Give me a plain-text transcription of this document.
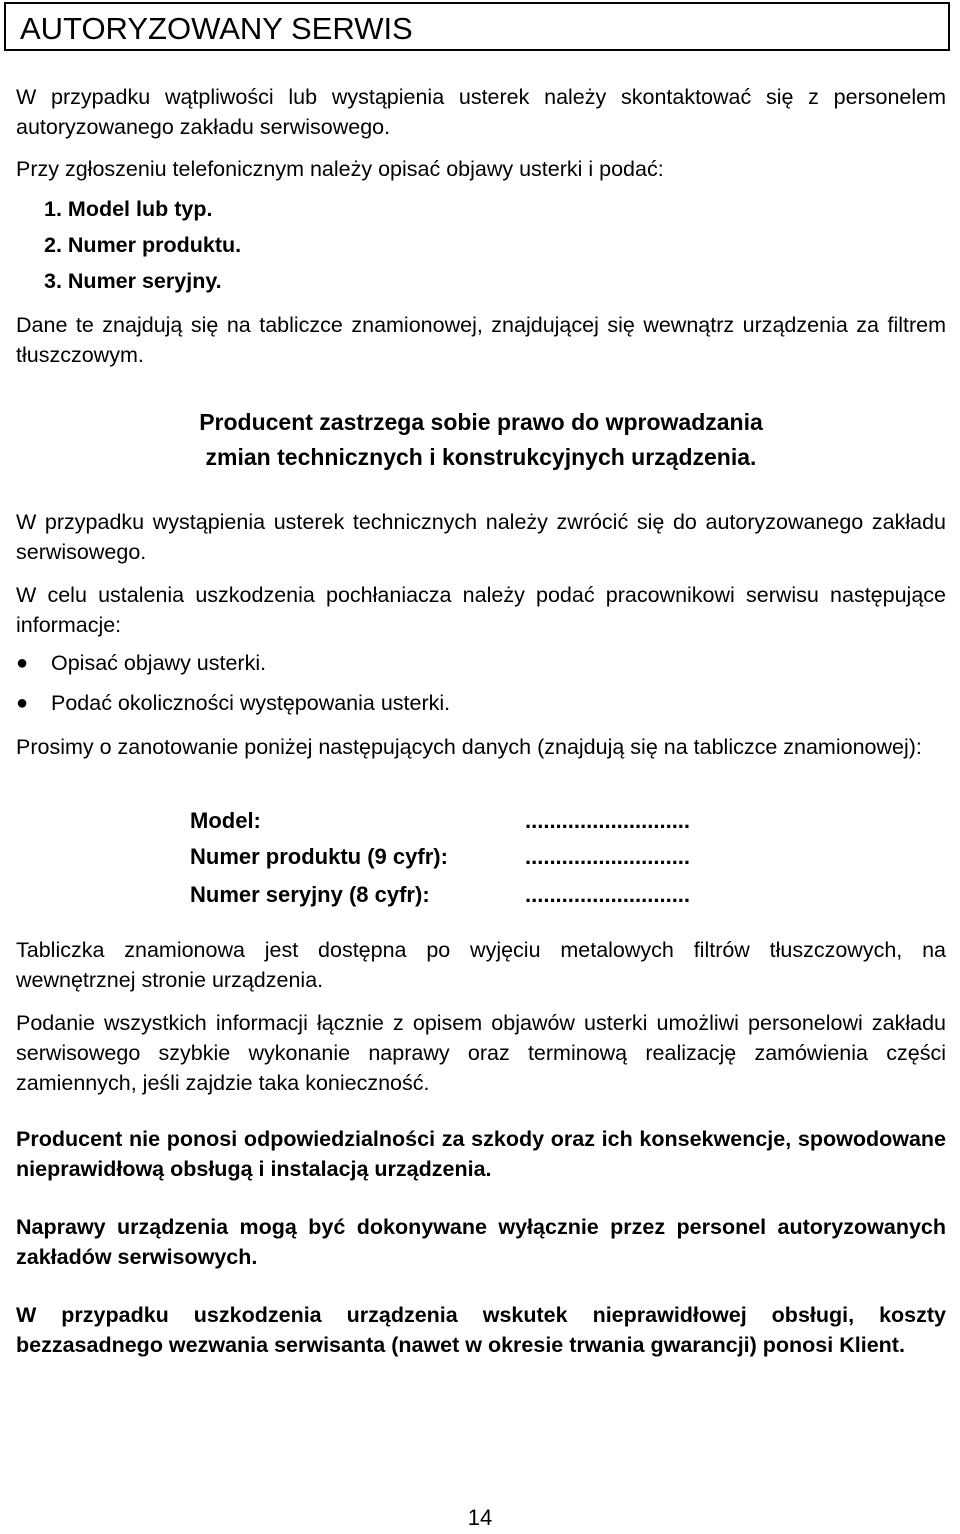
AUTORYZOWANY SERWIS

W przypadku wątpliwości lub wystąpienia usterek należy skontaktować się z personelem autoryzowanego zakładu serwisowego.

Przy zgłoszeniu telefonicznym należy opisać objawy usterki i podać:

1. Model lub typ.
2. Numer produktu.
3. Numer seryjny.

Dane te znajdują się na tabliczce znamionowej, znajdującej się wewnątrz urządzenia za filtrem tłuszczowym.

Producent zastrzega sobie prawo do wprowadzania
zmian technicznych i konstrukcyjnych urządzenia.

W przypadku wystąpienia usterek technicznych należy zwrócić się do autoryzowanego zakładu serwisowego.

W celu ustalenia uszkodzenia pochłaniacza należy podać pracownikowi serwisu następujące informacje:

● Opisać objawy usterki.
● Podać okoliczności występowania usterki.

Prosimy o zanotowanie poniżej następujących danych (znajdują się na tabliczce znamionowej):

Model:	...........................
Numer produktu (9 cyfr):	...........................
Numer seryjny (8 cyfr):	...........................

Tabliczka znamionowa jest dostępna po wyjęciu metalowych filtrów tłuszczowych, na wewnętrznej stronie urządzenia.

Podanie wszystkich informacji łącznie z opisem objawów usterki umożliwi personelowi zakładu serwisowego szybkie wykonanie naprawy oraz terminową realizację zamówienia części zamiennych, jeśli zajdzie taka konieczność.

Producent nie ponosi odpowiedzialności za szkody oraz ich konsekwencje, spowodowane nieprawidłową obsługą i instalacją urządzenia.

Naprawy urządzenia mogą być dokonywane wyłącznie przez personel autoryzowanych zakładów serwisowych.

W przypadku uszkodzenia urządzenia wskutek nieprawidłowej obsługi, koszty bezzasadnego wezwania serwisanta (nawet w okresie trwania gwarancji) ponosi Klient.

14
